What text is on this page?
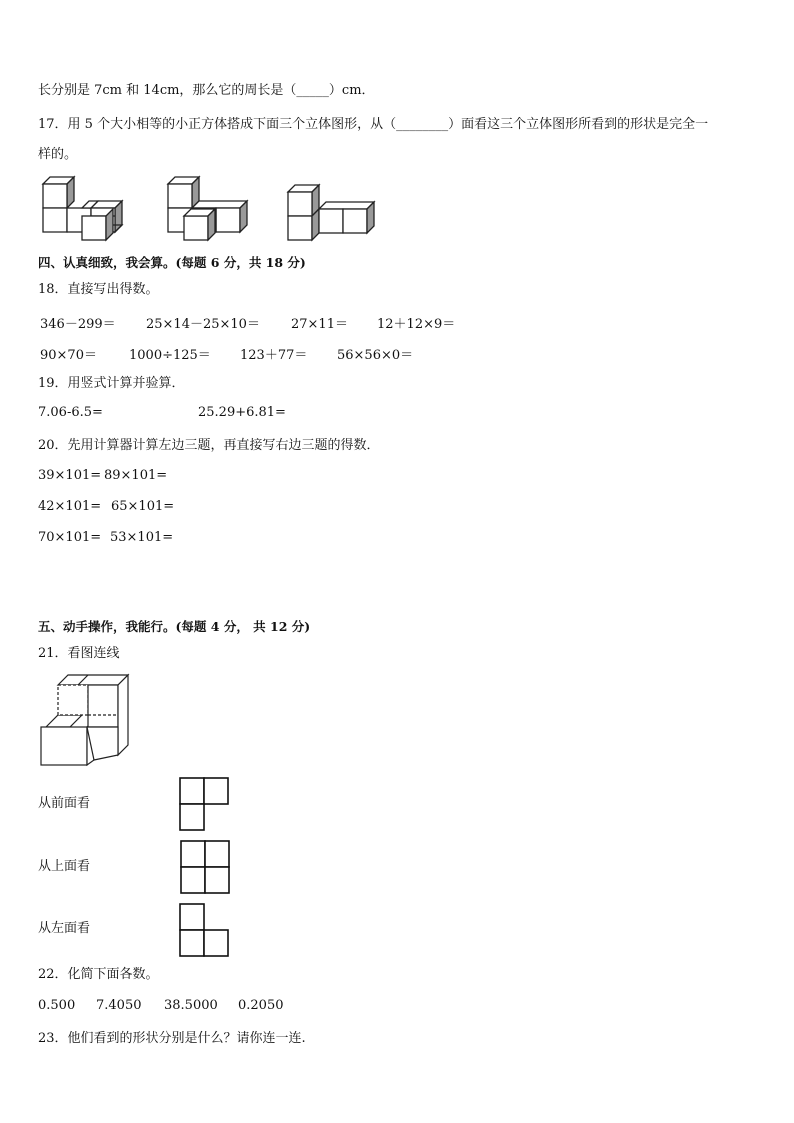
长分别是 7cm 和 14cm，那么它的周长是（_____）cm．
17．用 5 个大小相等的小正方体搭成下面三个立体图形，从（________）面看这三个立体图形所看到的形状是完全一
样的。
四、认真细致，我会算。(每题 6 分，共 18 分)
18．直接写出得数。
346－299＝ 25×14－25×10＝ 27×11＝ 12＋12×9＝
90×70＝ 1000÷125＝ 123＋77＝ 56×56×0＝
19．用竖式计算并验算．
7.06-6.5=	25.29+6.81=
20．先用计算器计算左边三题，再直接写右边三题的得数．
39×101= 89×101=
42×101= 65×101=
70×101= 53×101=
五、动手操作，我能行。(每题 4 分， 共 12 分)
21．看图连线
从前面看
从上面看
从左面看
22．化简下面各数。
0.500 7.4050 38.5000 0.2050
23．他们看到的形状分别是什么？请你连一连.
